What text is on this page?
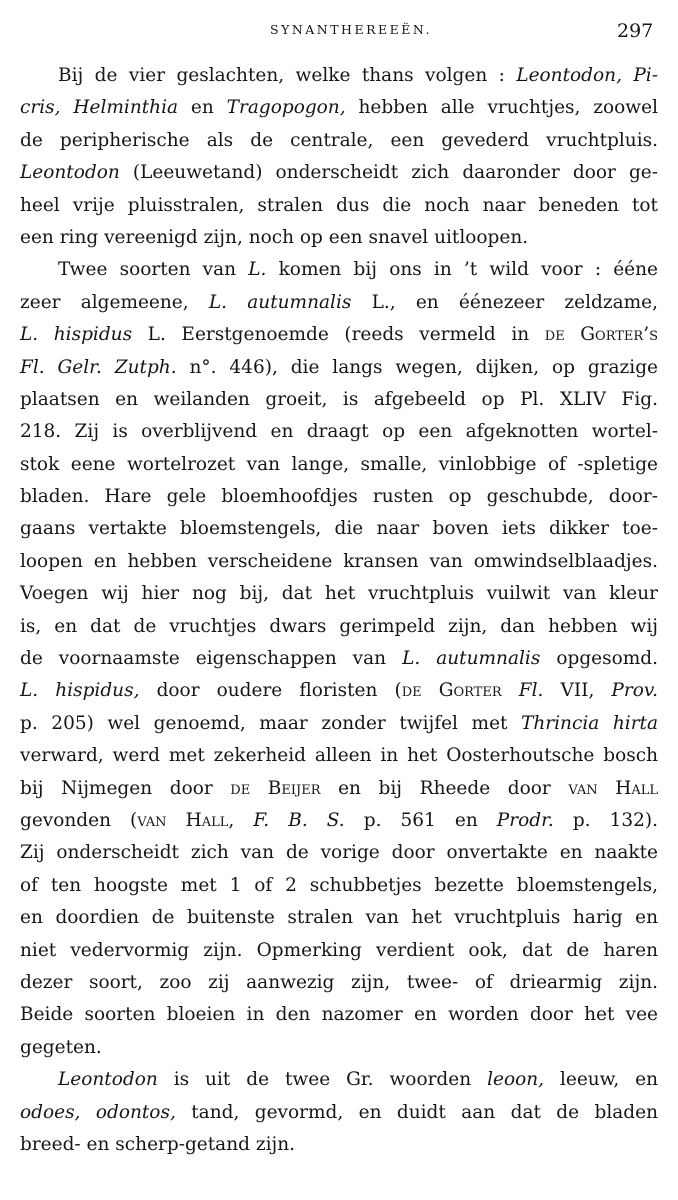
SYNANTHEREEËN.	297
Bij de vier geslachten, welke thans volgen : Leontodon, Pi-
cris, Helminthia en Tragopogon, hebben alle vruchtjes, zoowel
de peripherische als de centrale, een gevederd vruchtpluis.
Leontodon (Leeuwetand) onderscheidt zich daaronder door ge-
heel vrije pluisstralen, stralen dus die noch naar beneden tot
een ring vereenigd zijn, noch op een snavel uitloopen.
Twee soorten van L. komen bij ons in ’t wild voor : ééne
zeer algemeene, L. autumnalis L., en éénezeer zeldzame,
L. hispidus L. Eerstgenoemde (reeds vermeld in de Gorter’s
Fl. Gelr. Zutph. n°. 446), die langs wegen, dijken, op grazige
plaatsen en weilanden groeit, is afgebeeld op Pl. XLIV Fig.
218. Zij is overblijvend en draagt op een afgeknotten wortel-
stok eene wortelrozet van lange, smalle, vinlobbige of -spletige
bladen. Hare gele bloemhoofdjes rusten op geschubde, door-
gaans vertakte bloemstengels, die naar boven iets dikker toe-
loopen en hebben verscheidene kransen van omwindselblaadjes.
Voegen wij hier nog bij, dat het vruchtpluis vuilwit van kleur
is, en dat de vruchtjes dwars gerimpeld zijn, dan hebben wij
de voornaamste eigenschappen van L. autumnalis opgesomd.
L. hispidus, door oudere floristen (de Gorter Fl. VII, Prov.
p. 205) wel genoemd, maar zonder twijfel met Thrincia hirta
verward, werd met zekerheid alleen in het Oosterhoutsche bosch
bij Nijmegen door de Beijer en bij Rheede door van Hall
gevonden (van Hall, F. B. S. p. 561 en Prodr. p. 132).
Zij onderscheidt zich van de vorige door onvertakte en naakte
of ten hoogste met 1 of 2 schubbetjes bezette bloemstengels,
en doordien de buitenste stralen van het vruchtpluis harig en
niet vedervormig zijn. Opmerking verdient ook, dat de haren
dezer soort, zoo zij aanwezig zijn, twee- of driearmig zijn.
Beide soorten bloeien in den nazomer en worden door het vee
gegeten.
Leontodon is uit de twee Gr. woorden leoon, leeuw, en
odoes, odontos, tand, gevormd, en duidt aan dat de bladen
breed- en scherp-getand zijn.
